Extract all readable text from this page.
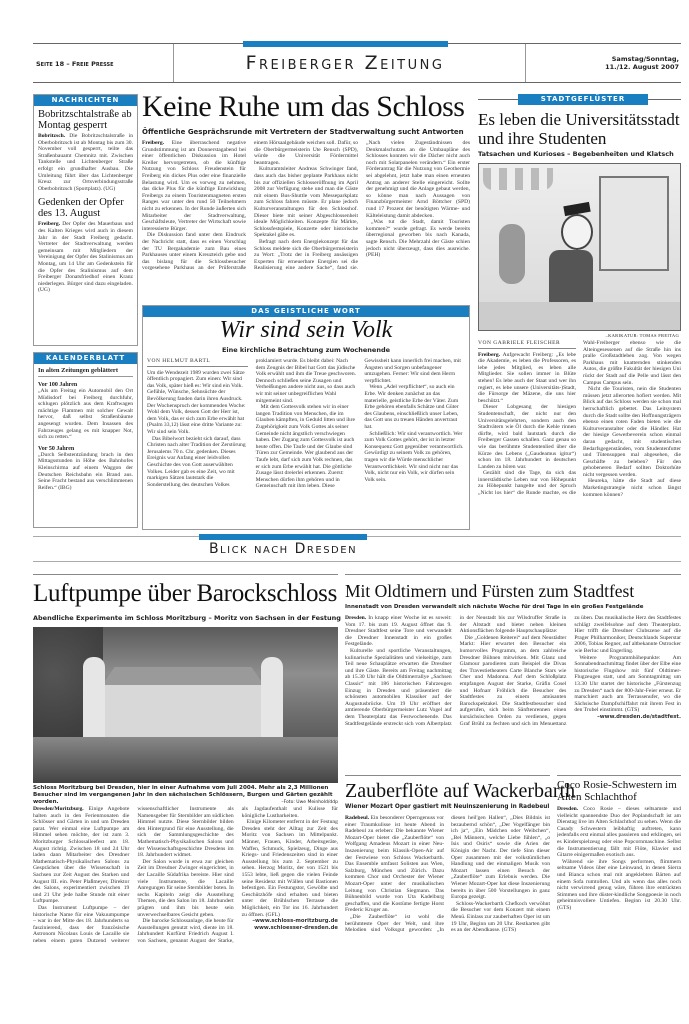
Seite 18 – Freie Presse	Freiberger Zeitung	Samstag/Sonntag,
11./12. August 2007
NACHRICHTEN
Bobritzschtalstraße ab Montag gesperrt
Bobritzsch. Die Bobritzschtalstraße in Oberbobritzsch ist ab Montag bis zum 30. November voll gesperrt, teilte das Straßenbauamt Chemnitz mit. Zwischen Tankstelle und Lichtenberger Straße erfolgt ein grundhafter Ausbau. Die Umleitung führt über das Lichtenberger Kreuz zur Ortsverbindungsstraße Oberbobritzsch (Sportplatz). (UG)
Gedenken der Opfer des 13. August
Freiberg. Der Opfer des Mauerbaus und des Kalten Krieges wird auch in diesem Jahr in der Stadt Freiberg gedacht. Vertreter der Stadtverwaltung werden gemeinsam mit Mitgliedern der Vereinigung der Opfer des Stalinismus am Montag, um 14 Uhr am Gedenkstein für die Opfer des Stalinismus auf dem Freiberger Donatsfriedhof einen Kranz niederlegen. Bürger sind dazu eingeladen. (UG)
KALENDERBLATT
In alten Zeitungen geblättert
Vor 100 Jahren
„Als am Freitag ein Automobil den Ort Müdisdorf bei Freiberg durchfuhr, schlugen plötzlich aus dem Kraftwagen mächtige Flammen mit solcher Gewalt hervor, daß selbst Straßenbäume angesengt wurden. Dem Insassen des Fahrzeuges gelang es mit knapper Not, sich zu retten.“
Vor 50 Jahren
„Durch Selbstentzündung brach in den Mittagsstunden in Höhe des Bahnhofes Kleinschirma auf einem Waggon der Deutschen Reichsbahn ein Brand aus. Seine Fracht bestand aus verschlimmenen Reifen.“ (IBG)
Keine Ruhe um das Schloss
Öffentliche Gesprächsrunde mit Vertretern der Stadtverwaltung sucht Antworten

Freiberg. Eine überraschend negative Grundstimmung ist am Donnerstagabend bei einer öffentlichen Diskussion im Hotel Kreller hervorgetreten, ob die künftige Nutzung von Schloss Freudenstein für Freiberg ein dickes Plus oder eine finanzielle Belastung wird. Um es vorweg zu nehmen, das dicke Plus für die künftige Entwicklung Freibergs zu einem Touristenmagneten ersten Ranges war unter den rund 50 Teilnehmern nicht zu erkennen. In der Runde äußerten sich Mitarbeiter der Stadtverwaltung, Geschäftsleute, Vertreter der Wirtschaft sowie interessierte Bürger.

Die Diskussion fand unter dem Eindruck der Nachricht statt, dass es einen Vorschlag der TU Bergakademie zum Bau eines Parkhauses unter einem Kreuzteich gebe und das bislang für die Schlossbesucher vorgesehene Parkhaus an der Prüferstraße einem Hörsaalgebäude weichen soll. Dafür, so die Oberbürgermeisterin Ute Rensch (SPD), würde die Universität Fördermittel beantragen.

Kulturamtsleiter Andreas Schwinger fand, dass auch das bisher geplante Parkhaus nicht bis zur offiziellen Schlosseröffnung im April 2008 zur Verfügung stehe und man die Gäste mit einem Bus-Shuttle vom Messeparkplatz zum Schloss fahren müsste. Er plane jedoch Kulturveranstaltungen für den Schlosshof. Dieser biete mit seiner Abgeschlossenheit ideale Möglichkeiten. Konzepte für Märkte, Schlossfestspiele, Konzerte oder historische Spektakel gäbe es.

Befragt nach dem Energiekonzept für das Schloss meldete sich die Oberbürgermeisterin zu Wort: „Trotz der in Freiberg ansässigen Experten für erneuerbare Energien sei die Realisierung eine andere Sache“, fand sie. „Nach vielen Zugeständnissen des Denkmalschutzes an die Umbaupläne des Schlosses konnten wir die Dächer nicht auch noch mit Solarpanelen verändern.“ Ein erster Förderantrag für die Nutzung von Geothermie sei abgelehnt, jetzt habe man einen erneuten Antrag an anderer Stelle eingereicht. Sollte der genehmigt und die Anlage gebaut werden, so könne man nach Aussagen von Finanzbürgermeister Arnd Böttcher (SPD) rund 17 Prozent der benötigten Wärme- und Kälteleistung damit abdecken.

„Was tut die Stadt, damit Touristen kommen?“ wurde gefragt. Es werde bereits überregional geworben bis nach Kanada, sagte Rensch. Die Mehrzahl der Gäste schien jedoch nicht überzeugt, dass dies ausreiche. (PEH)

DAS GEISTLICHE WORT
Wir sind sein Volk
Eine kirchliche Betrachtung zum Wochenende
VON HELMUT BARTL

Um die Wendezeit 1989 wurden zwei Sätze öffentlich propagiert. Zum einen: Wir sind das Volk, später hieß es: Wir sind ein Volk. Gefühle, Wünsche, Sehnsüchte der Bevölkerung fanden darin ihren Ausdruck. Der Wochenspruch der kommenden Woche: Wohl dem Volk, dessen Gott der Herr ist, dem Volk, das er sich zum Erbe erwählt hat (Psalm 33,12) lässt eine dritte Variante zu: Wir sind sein Volk.

Das Bibelwort bezieht sich darauf, dass Christen nach alter Tradition der Zerstörung Jerusalems 70 n. Chr. gedenken. Dieses Ereignis war Anfang einer leidvollen Geschichte des von Gott auserwählten Volkes. Leider gab es eine Zeit, wo mit markigen Sätzen lautstark die Sonderstellung des deutschen Volkes proklamiert wurde. Es bleibt dabei: Nach dem Zeugnis der Bibel hat Gott das jüdische Volk erwählt und ihm die Treue geschworen. Dennoch schließen seine Zusagen und Verheißungen andere nicht aus, so dass auch wir mit seiner unbegreiflichen Wahl mitgemeint sind.

Mit dem Gottesvolk stehen wir in einer langen Tradition von Menschen, die im Glauben kämpften, in Geduld litten und ihre Zugehörigkeit zum Volk Gottes als seiner Gemeinde nicht ängstlich verschwiegen haben. Der Zugang zum Gottesvolk ist auch heute offen. Die Taufe und der Glaube sind Türen zur Gemeinde. Wer glaubend aus der Taufe lebt, darf sich zum Volk rechnen, das er sich zum Erbe erwählt hat. Die göttliche Zusage lässt dreierlei erkennen. Zuerst: Menschen dürfen ihm gehören und in Gemeinschaft mit ihm leben. Diese Gewissheit kann innerlich frei machen, mit Ängsten und Sorgen unbefangener umzugehen. Ferner: Wir sind dem Herrn verpflichtet.

Wenn „Adel verpflichtet“, so auch ein Erbe. Wir denken zunächst an das materielle, geistliche Erbe der Väter. Zum Erbe gehören ebenfalls Schätze und Güter des Glaubens, einschließlich unser Leben, das Gott uns zu treuen Händen anvertraut hat.

Schließlich: Wir sind verantwortlich. Wer zum Volk Gottes gehört, der ist in letzter Konsequenz Gott gegenüber verantwortlich. Gewürdigt zu seinem Volk zu gehören, tragen wir die Würde menschlicher Verantwortlichkeit. Wir sind nicht nur das Volk, nicht nur ein Volk, wir dürfen sein Volk sein.

STADTGEFLÜSTER
Es leben die Universitätsstadt und ihre Studenten
Tatsachen und Kurioses – Begebenheiten und Klatsch
–KARIKATUR: TOMAS FREITAG
VON GABRIELE FLEISCHER

Freiberg. Aufgewacht Freiberg: „Es lebe die Akademie, es leben die Professoren, es lebe jedes Mitglied, es leben alle Mitglieder. Sie sollen immer in Blüte stehen! Es lebe auch der Staat und wer ihn regiert, es lebe unsere (Universitäts-)Stadt, die Fürsorge der Mäzene, die uns hier beschützt.“

Dieser Lobgesang der hiesigen Studentenschaft, der nicht nur den Universitätsgelehrten, sondern auch den Stadtvätern wie Öl durch die Kehle rinnen dürfte, wird bald lautstark durch die Freiberger Gassen schallen. Ganz genau so wie das berühmte Studentenlied über die Kürze des Lebens („Gaudeamus igitur“) schon im 18. Jahrhundert in deutschen Landen zu hören war.

Gezählt sind die Tage, da sich das innerstädtische Leben nur von Höhepunkt zu Höhepunkt hangelte und der Spruch „Nicht los hier“ die Runde machte, es die Wahl-Freiberger ebenso wie die Alteingesessenen auf die Straße hin ins pralle Großstadtleben zog. Von wegen Parkhaus mit knatternden stinkenden Autos, die größte Fakultät der hiesigen Uni rückt der Stadt auf die Pelle und lässt den Campus Campus sein.

Nicht die Touristen, nein die Studenten müssen jetzt allerorten hofiert werden. Mit Blick auf das Schloss werden sie schon mal herrschaftlich gebettet. Das Leitsystem durch die Stadt sollte den Hoffnungsträgern ebenso einen roten Faden bieten wie die Kulturveranstalter oder die Händler. Hat der hiesige Gewerbeverein schon einmal daran gedacht, mit studentischen Bedarfsgegenständen, vom Studentenfutter und Tütensuppen mal abgesehen, die Geschäfte zu beleben? Für den gehobeneren Bedarf sollten Doktorhüte nicht vergessen werden.

Heureka, hätte die Stadt auf diese Marketingstrategie nicht schon längst kommen können?

Blick nach Dresden
Luftpumpe über Barockschloss
Abendliche Experimente im Schloss Moritzburg – Moritz von Sachsen in der Festung
Schloss Moritzburg bei Dresden, hier in einer Aufnahme vom Juli 2004. Mehr als 2,3 Millionen Besucher sind im vergangenen Jahr in den sächsischen Schlössern, Burgen und Gärten gezählt worden.	–Foto: Uwe Meinhold/ddp

Dresden/Moritzburg. Einige Angebote halten auch in den Ferienmonaten die Schlösser und Gärten in und um Dresden parat. Wer einmal eine Luftpumpe am Himmel sehen möchte, der ist zum 3. Moritzburger Schlossalleefest am 18. August richtig. Zwischen 18 und 24 Uhr laden dann Mitarbeiter des Dresdner Mathematisch-Physikalischen Salons zu Gesprächen über die Wissenschaft in Sachsen zur Zeit August des Starken und August III. ein. Peter Plaßmeyer, Direktor des Salons, experimentiert zwischen 19 und 21 Uhr jede halbe Stunde mit einer Luftpumpe.

Das Instrument Luftpumpe – der historische Name für eine Vakuumpumpe – war in der Mitte des 18. Jahrhunderts so faszinierend, dass der französische Astronom Nicolaus Louis de Lacaille sie neben einem guten Dutzend weiterer wissenschaftlicher Instrumente als Namensgeber für Sternbilder am südlichen Himmel nutzte. Diese Sternbilder bilden den Hintergrund für eine Ausstellung, die sich der Sammlungsgeschichte des Mathematisch-Physikalischen Salons und der Wissenschaftsgeschichte Dresdens im 18. Jahrhundert widmet.

Der Salon wurde in etwa zur gleichen Zeit im Dresdner Zwinger eingerichtet, in der Lacaille Südafrika bereiste. Hier sind viele Instrumente, die Lacaille Anregungen für seine Sternbilder boten. In sechs Kapiteln zeigt die Ausstellung Themen, die den Salon im 18. Jahrhundert prägten und ihm bis heute sein unverwechselbares Gesicht geben.

Die barocke Schlossanlage, die heute für Ausstellungen genutzt wird, diente im 18. Jahrhundert Kurfürst Friedrich August I. von Sachsen, genannt August der Starke, als Jagdaufenthalt und Kulisse für königliche Lustbarkeiten.

Einige Kilometer entfernt in der Festung Dresden steht der Alltag zur Zeit des Moritz von Sachsen im Mittelpunkt. Männer, Frauen, Kinder, Arbeitsgeräte, Waffen, Schmuck, Spielzeug, Dinge aus Kriegs- und Friedenszeiten sind in einer Ausstellung bis zum 2. September zu sehen. Herzog Moritz, der von 1521 bis 1553 lebte, ließ gegen die vielen Feinde seine Residenz mit Wällen und Bastionen befestigen. Ein Festungstor, Gewölbe und Geschützhöfe sind erhalten und bieten unter der Brühlschen Terrasse die Möglichkeit, ein Tor ins 16. Jahrhundert zu öffnen. (GFL)

–www.schloss-moritzburg.de
www.schloesser-dresden.de
Mit Oldtimern und Fürsten zum Stadtfest
Innenstadt von Dresden verwandelt sich nächste Woche für drei Tage in ein großes Festgelände

Dresden. In knapp einer Woche ist es soweit: Vom 17. bis zum 19. August öffnet das 9. Dresdner Stadtfest seine Tore und verwandelt die Dresdner Innenstadt in ein großes Festgelände.

Kulturelle und sportliche Veranstaltungen, kulinarische Spezialitäten und vielseitige, zum Teil neue Schauplätze erwarten die Dresdner und ihre Gäste. Bereits am Freitag nachmittag ab 15.30 Uhr hält die Oldtimerrallye „Sachsen Classic“ mit 186 historischen Fahrzeugen Einzug in Dresden und präsentiert die schönsten automobilen Klassiker auf der Augustusbrücke. Um 19 Uhr eröffnet der amtierende Oberbürgermeister Lutz Vogel auf dem Theaterplatz das Festwochenende. Das Stadtfestgelände erstreckt sich vom Albertplatz in der Neustadt bis zur Wilsdruffer Straße in der Altstadt und bietet neben kleinen Aktionsflächen folgende Hauptschauplätze:

Die „Goldenen Reiterei“ auf dem Neustädter Markt: Hier erwartet den Besucher ein humorvolles Programm, an dem zahlreiche Dresdner Bühnen mitwirken. Mit Glanz und Glamour parodieren zum Beispiel die Divas des Travestietheaters Carte Blanche Stars wie Cher und Madonna. Auf dem Schloßplatz empfangen August der Starke, Gräfin Cosel und Hofnarr Fröhlich die Besucher des Stadtfestes zu einem amüsanten Barockspektakel. Die Stadtfestbesucher sind aufgerufen, sich beim Sänftenrennen einen kursächsischen Orden zu verdienen, gegen Graf Brühl zu fechten und sich im Menuettanz zu üben. Das musikalische Herz des Stadtfestes schlägt zweifelsohne auf dem Theaterplatz. Hier trifft die Dresdner Clubszene auf die Prager Philharmoniker, Deutschlands Superstar 2006, Tobias Regner, auf altbekannte Ostrocker wie Berluc und Engerling.

Weitere Programmhöhepunkte: Am Sonnabendnachmittag findet über der Elbe eine historische Flugshow mit fünf Oldtimer-Flugzeugen statt, und am Sonntagmittag um 13.30 Uhr startet der historische „Fürstenzug zu Dresden“ nach der 800-Jahr-Feier erneut. Er marschiert auch am Terrassenufer, wo die Sächsische Dampfschiffahrt mit ihrem Fest in den Trubel einstimmt. (GTS)

–www.dresden.de/stadtfest.
Zauberflöte auf Wackerbarth
Wiener Mozart Oper gastiert mit Neuinszenierung in Radebeul

Radebeul. Ein besonderer Operngenuss vor einer Traumkulisse ist heute Abend in Radebeul zu erleben: Die bekannte Wiener Mozart-Oper bietet die „Zauberflöte“ von Wolfgang Amadeus Mozart in einer Neu-Inszenierung beim Klassik-Open-Air auf der Festwiese von Schloss Wackerbarth. Das Ensemble umfasst Solisten aus Wien, Salzburg, München und Zürich. Dazu kommen Chor und Orchester der Wiener Mozart-Oper unter der musikalischen Leitung von Christian Siegmann. Das Bühnenbild wurde von Uta Kadelburg geschaffen, und die Kostüme fertigte Horst Frederic Kruger an.

„Die Zauberflöte“ ist wohl die berühmteste Oper der Welt, und ihre Melodien sind Volksgut geworden: „In diesen heil'gen Hallen“, „Dies Bildnis ist bezaubernd schön“, „Der Vogelfänger bin ich ja“, „Ein Mädchen oder Weibchen“, „Bei Männern, welche Liebe fühlen“, „o Isis und Osiris“ sowie die Arien der Königin der Nacht. Der tiefe Sinn dieser Oper zusammen mit der volkstümlichen Handlung und der einmaligen Musik von Mozart lassen einen Besuch der „Zauberflöte“ zum Erlebnis werden. Die Wiener Mozart-Oper hat diese Inszenierung bereits in über 500 Vorstellungen in ganz Europa gezeigt.

Schloss-Wackerbarth Chefkoch verwöhnt die Besucher vor dem Konzert mit einem Menü. Einlass zur zauberhaften Oper ist um 19 Uhr, Beginn um 20 Uhr. Restkarten gibt es an der Abendkasse. (GTS)

Coco Rosie-Schwestern im Alten Schlachthof

Dresden. Coco Rosie – dieses seltsamste und vielleicht spannendste Duo der Poplandschaft ist am Dienstag live im Alten Schlachthof zu sehen. Wenn die Casady Schwestern leibhaftig auftreten, kann jedenfalls erst einmal alles passieren und erklingen, sei es Kinderspielzeug oder eine Popcornmaschine. Selbst die Instrumentierung fällt mit Flöte, Klavier und Gitarre einigermaßen exotisch aus.

Während sie ihre Songs performen, flimmern seltsame Videos über eine Leinwand, in denen Sierra und Bianca schon mal mit angeklebten Bärten auf einem Sofa rumtollen. Und als wenn das alles noch nicht verwirrend genug wäre, führen ihre entrückten Stimmen und ihre düster-kindliche Songpoesie in noch geheimnisvollere Untiefen. Beginn ist 20.30 Uhr. (GTS)
